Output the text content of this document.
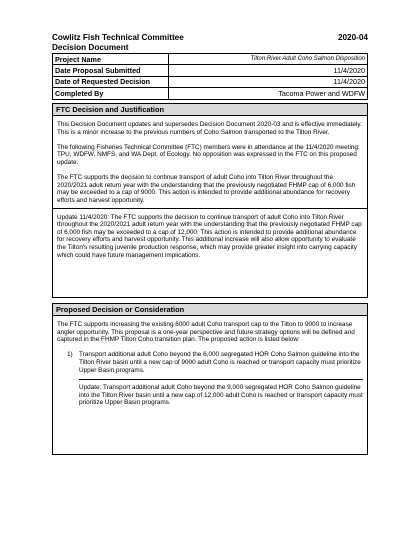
Cowlitz Fish Technical Committee	2020-04
Decision Document
Project Name	Tilton River Adult Coho Salmon Disposition
Date Proposal Submitted	11/4/2020
Date of Requested Decision	11/4/2020
Completed By	Tacoma Power and WDFW
FTC Decision and Justification

This Decision Document updates and supersedes Decision Document 2020-03 and is effective immediately. This is a minor increase to the previous numbers of Coho Salmon transported to the Tilton River.

The following Fisheries Technical Committee (FTC) members were in attendance at the 11/4/2020 meeting: TPU, WDFW, NMFS, and WA Dept. of Ecology. No opposition was expressed in the FTC on this proposed update.

The FTC supports the decision to continue transport of adult Coho into Tilton River throughout the 2020/2021 adult return year with the understanding that the previously negotiated FHMP cap of 6,000 fish may be exceeded to a cap of 9000. This action is intended to provide additional abundance for recovery efforts and harvest opportunity.

Update 11/4/2020: The FTC supports the decision to continue transport of adult Coho into Tilton River throughout the 2020/2021 adult return year with the understanding that the previously negotiated FHMP cap of 6,000 fish may be exceeded to a cap of 12,000. This action is intended to provide additional abundance for recovery efforts and harvest opportunity. This additional increase will also allow opportunity to evaluate the Tilton's resulting juvenile production response, which may provide greater insight into carrying capacity which could have future management implications.
Proposed Decision or Consideration

The FTC supports increasing the existing 6000 adult Coho transport cap to the Tilton to 9000 to increase angler opportunity. This proposal is a one-year perspective and future strategy options will be defined and captured in the FHMP Tilton Coho transition plan. The proposed action is listed below:

1) Transport additional adult Coho beyond the 6,000 segregated HOR Coho Salmon guideline into the Tilton River basin until a new cap of 9000 adult Coho is reached or transport capacity must prioritize Upper Basin programs.
Update: Transport additional adult Coho beyond the 9,000 segregated HOR Coho Salmon guideline into the Tilton River basin until a new cap of 12,000 adult Coho is reached or transport capacity must prioritize Upper Basin programs.
